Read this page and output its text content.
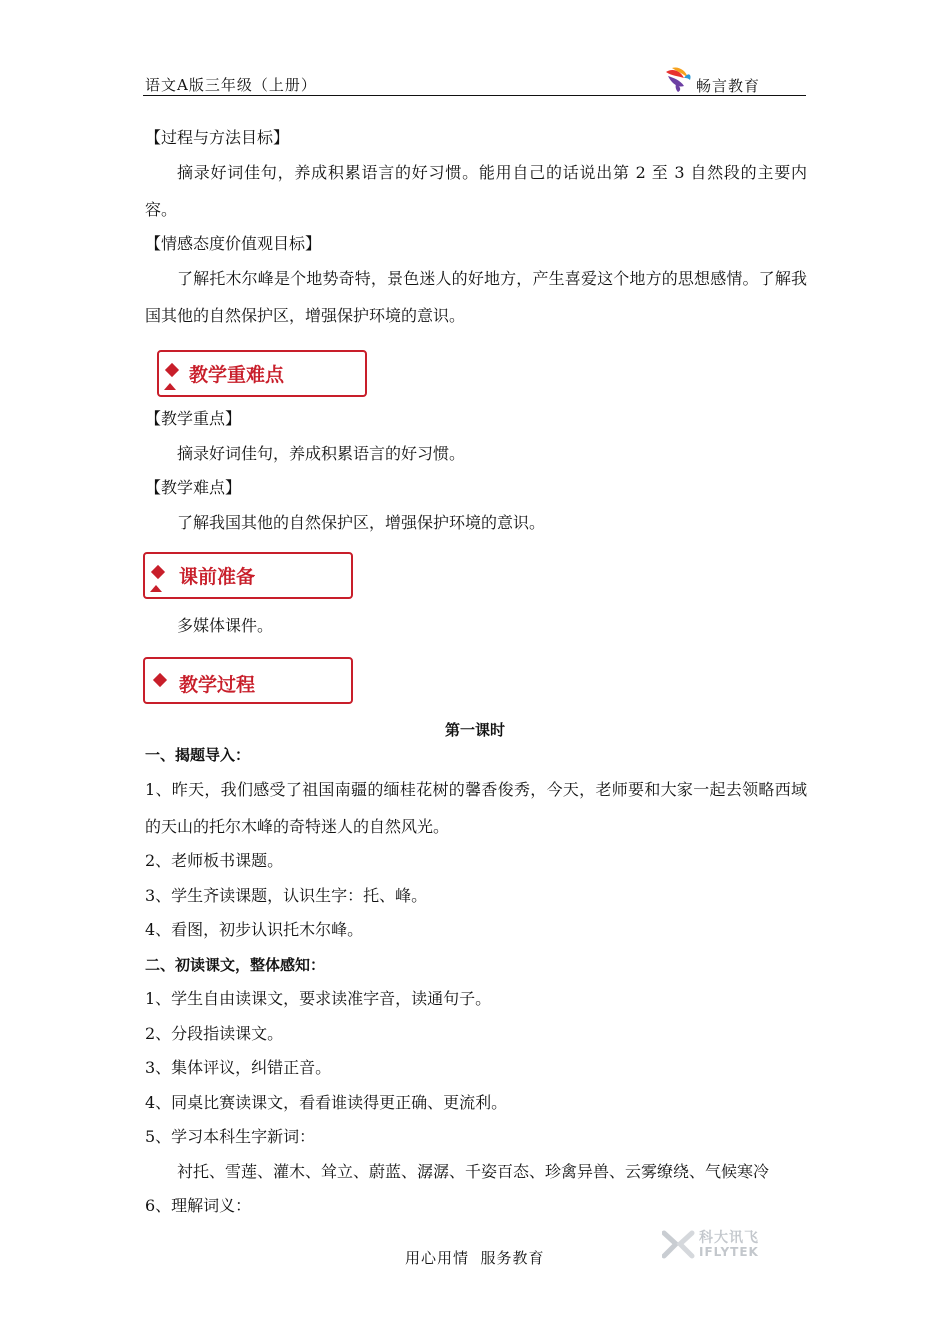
语文A版三年级（上册）	畅言教育
【过程与方法目标】
摘录好词佳句，养成积累语言的好习惯。能用自己的话说出第 2 至 3 自然段的主要内容。
【情感态度价值观目标】
了解托木尔峰是个地势奇特，景色迷人的好地方，产生喜爱这个地方的思想感情。了解我国其他的自然保护区，增强保护环境的意识。
教学重难点
【教学重点】
摘录好词佳句，养成积累语言的好习惯。
【教学难点】
了解我国其他的自然保护区，增强保护环境的意识。
课前准备
多媒体课件。
教学过程
第一课时
一、揭题导入：
1、昨天，我们感受了祖国南疆的缅桂花树的馨香俊秀，今天，老师要和大家一起去领略西域的天山的托尔木峰的奇特迷人的自然风光。
2、老师板书课题。
3、学生齐读课题，认识生字：托、峰。
4、看图，初步认识托木尔峰。
二、初读课文，整体感知：
1、学生自由读课文，要求读准字音，读通句子。
2、分段指读课文。
3、集体评议，纠错正音。
4、同桌比赛读课文，看看谁读得更正确、更流利。
5、学习本科生字新词：
衬托、雪莲、灌木、耸立、蔚蓝、潺潺、千姿百态、珍禽异兽、云雾缭绕、气候寒冷
6、理解词义：
用心用情  服务教育
科大讯飞
IFLYTEK
